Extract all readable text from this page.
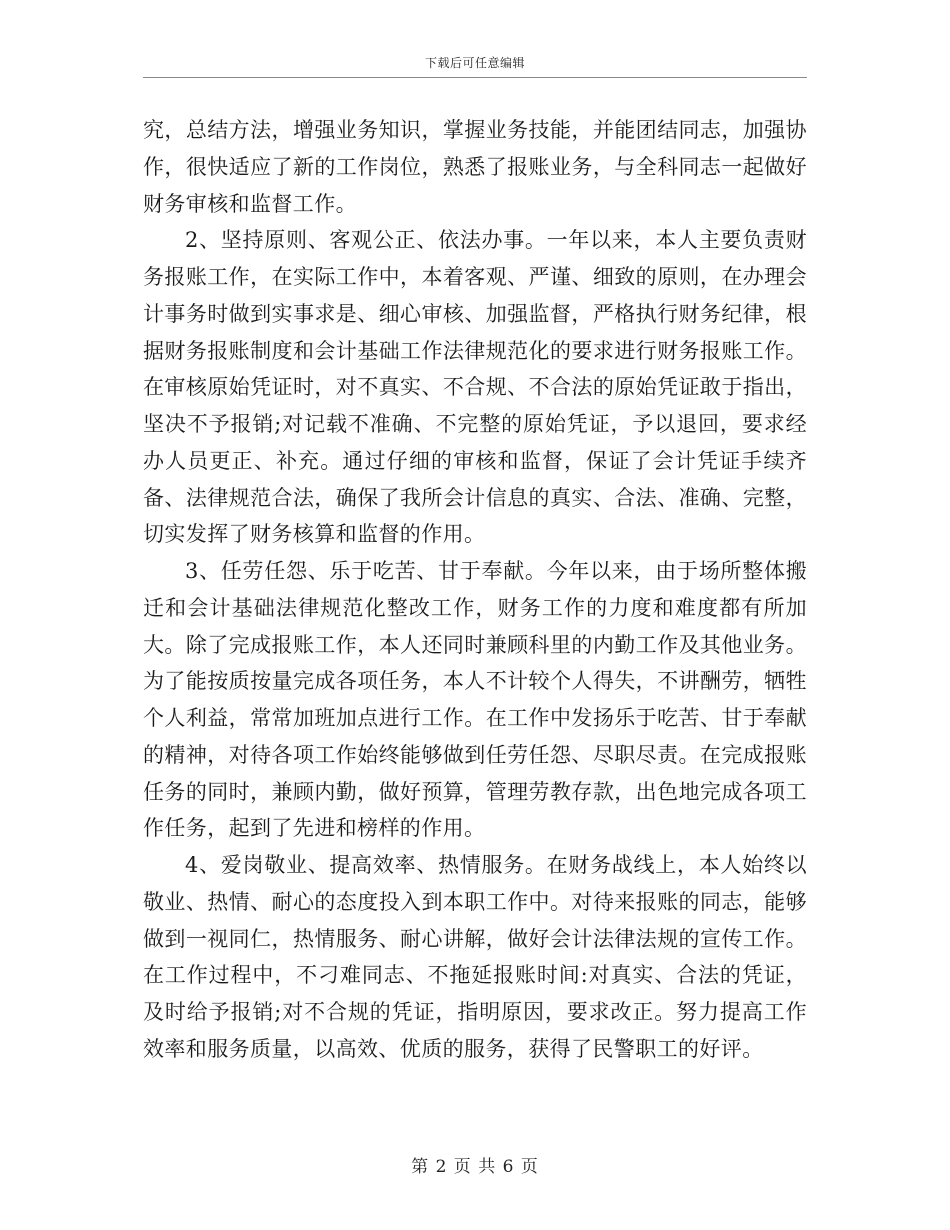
下载后可任意编辑

究，总结方法，增强业务知识，掌握业务技能，并能团结同志，加强协作，很快适应了新的工作岗位，熟悉了报账业务，与全科同志一起做好财务审核和监督工作。

2、坚持原则、客观公正、依法办事。一年以来，本人主要负责财务报账工作，在实际工作中，本着客观、严谨、细致的原则，在办理会计事务时做到实事求是、细心审核、加强监督，严格执行财务纪律，根据财务报账制度和会计基础工作法律规范化的要求进行财务报账工作。在审核原始凭证时，对不真实、不合规、不合法的原始凭证敢于指出，坚决不予报销;对记载不准确、不完整的原始凭证，予以退回，要求经办人员更正、补充。通过仔细的审核和监督，保证了会计凭证手续齐备、法律规范合法，确保了我所会计信息的真实、合法、准确、完整，切实发挥了财务核算和监督的作用。

3、任劳任怨、乐于吃苦、甘于奉献。今年以来，由于场所整体搬迁和会计基础法律规范化整改工作，财务工作的力度和难度都有所加大。除了完成报账工作，本人还同时兼顾科里的内勤工作及其他业务。为了能按质按量完成各项任务，本人不计较个人得失，不讲酬劳，牺牲个人利益，常常加班加点进行工作。在工作中发扬乐于吃苦、甘于奉献的精神，对待各项工作始终能够做到任劳任怨、尽职尽责。在完成报账任务的同时，兼顾内勤，做好预算，管理劳教存款，出色地完成各项工作任务，起到了先进和榜样的作用。

4、爱岗敬业、提高效率、热情服务。在财务战线上，本人始终以敬业、热情、耐心的态度投入到本职工作中。对待来报账的同志，能够做到一视同仁，热情服务、耐心讲解，做好会计法律法规的宣传工作。在工作过程中，不刁难同志、不拖延报账时间:对真实、合法的凭证，及时给予报销;对不合规的凭证，指明原因，要求改正。努力提高工作效率和服务质量，以高效、优质的服务，获得了民警职工的好评。

第 2 页 共 6 页
